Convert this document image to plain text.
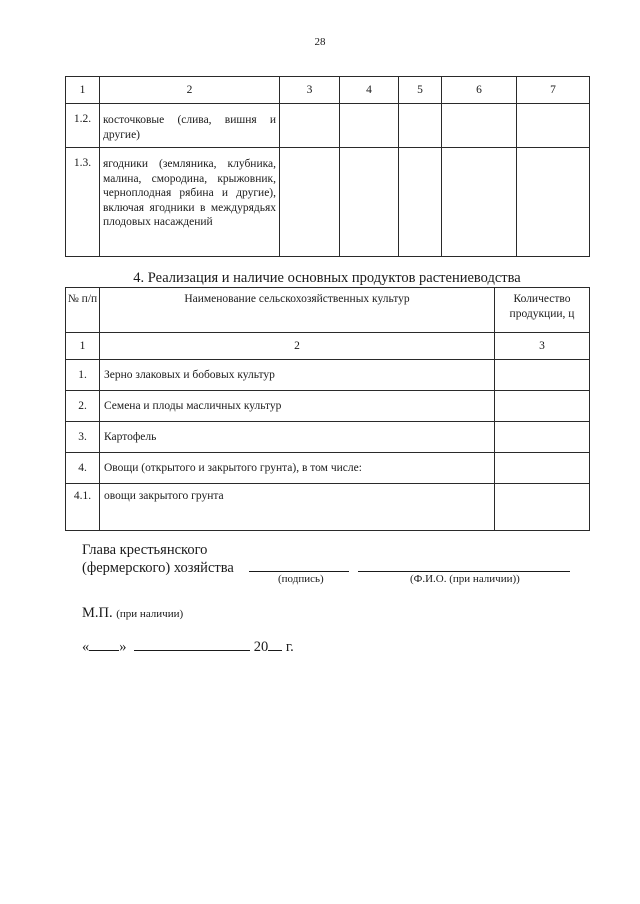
28
1	2	3	4	5	6	7
1.2.	косточковые (слива, вишня и другие)					
1.3.	ягодники (земляника, клубника, малина, смородина, крыжовник, черноплодная рябина и другие), включая ягодники в междурядьях плодовых насаждений					
4. Реализация и наличие основных продуктов растениеводства
№ п/п	Наименование сельскохозяйственных культур	Количество продукции, ц
1	2	3
1.	Зерно злаковых и бобовых культур	
2.	Семена и плоды масличных культур	
3.	Картофель	
4.	Овощи (открытого и закрытого грунта), в том числе:	
4.1.	овощи закрытого грунта	
Глава крестьянского
(фермерского) хозяйства
(подпись)	(Ф.И.О. (при наличии))
М.П. (при наличии)
« »	20 г.
